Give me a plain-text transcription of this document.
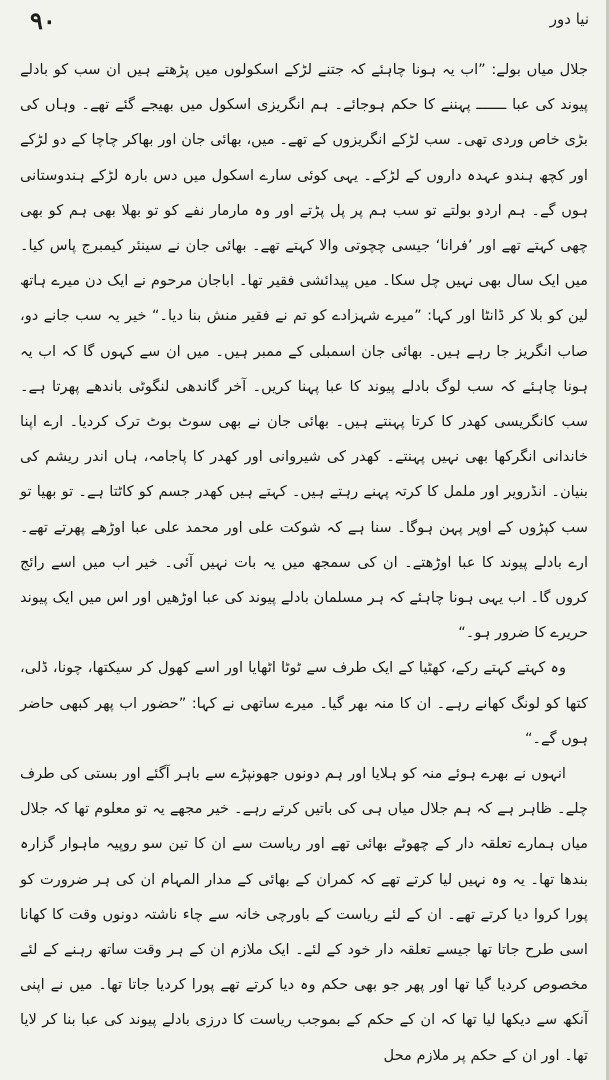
٩٠	نیا دور

جلال میاں بولے: ”اب یہ ہونا چاہئے کہ جتنے لڑکے اسکولوں میں پڑھتے ہیں ان سب کو بادلے پیوند کی عبا ـــــــ پہننے کا حکم ہوجائے۔ ہم انگریزی اسکول میں بھیجے گئے تھے۔ وہاں کی بڑی خاص وردی تھی۔ سب لڑکے انگریزوں کے تھے۔ میں، بھائی جان اور بھاکر چاچا کے دو لڑکے اور کچھ ہندو عہدہ داروں کے لڑکے۔ یہی کوئی سارے اسکول میں دس بارہ لڑکے ہندوستانی ہوں گے۔ ہم اردو بولتے تو سب ہم پر پل پڑتے اور وہ مارمار نفے کو تو بھلا بھی ہم کو بھی چھی کہتے تھے اور ’فرانا‘ جیسی چچوتی والا کہتے تھے۔ بھائی جان نے سینئر کیمبرج پاس کیا۔ میں ایک سال بھی نہیں چل سکا۔ میں پیدائشی فقیر تھا۔ اباجان مرحوم نے ایک دن میرے ہاتھ لین کو بلا کر ڈانٹا اور کہا: ”میرے شہزادے کو تم نے فقیر منش بنا دیا۔“ خیر یہ سب جانے دو، صاب انگریز جا رہے ہیں۔ بھائی جان اسمبلی کے ممبر ہیں۔ میں ان سے کہوں گا کہ اب یہ ہونا چاہئے کہ سب لوگ بادلے پیوند کا عبا پہنا کریں۔ آخر گاندھی لنگوٹی باندھے پھرتا ہے۔ سب کانگریسی کھدر کا کرتا پہنتے ہیں۔ بھائی جان نے بھی سوٹ بوٹ ترک کردیا۔ ارے اپنا خاندانی انگرکھا بھی نہیں پہنتے۔ کھدر کی شیروانی اور کھدر کا پاجامہ، ہاں اندر ریشم کی بنیان۔ انڈرویر اور ململ کا کرتہ پہنے رہتے ہیں۔ کہتے ہیں کھدر جسم کو کاٹتا ہے۔ تو بھیا تو سب کپڑوں کے اوپر پہن ہوگا۔ سنا ہے کہ شوکت علی اور محمد علی عبا اوڑھے پھرتے تھے۔ ارے بادلے پیوند کا عبا اوڑھتے۔ ان کی سمجھ میں یہ بات نہیں آئی۔ خیر اب میں اسے رائج کروں گا۔ اب یہی ہونا چاہئے کہ ہر مسلمان بادلے پیوند کی عبا اوڑھیں اور اس میں ایک پیوند حریرے کا ضرور ہو۔“

وہ کہتے کہتے رکے، کھٹیا کے ایک طرف سے ٹوٹا اٹھایا اور اسے کھول کر سیکتھا، چونا، ڈلی، کتھا کو لونگ کھانے رہے۔ ان کا منہ بھر گیا۔ میرے ساتھی نے کہا: ”حضور اب پھر کبھی حاضر ہوں گے۔“

انہوں نے بھرے ہوئے منہ کو ہلایا اور ہم دونوں جھونپڑے سے باہر آگئے اور بستی کی طرف چلے۔ ظاہر ہے کہ ہم جلال میاں ہی کی باتیں کرتے رہے۔ خیر مجھے یہ تو معلوم تھا کہ جلال میاں ہمارے تعلقہ دار کے چھوٹے بھائی تھے اور ریاست سے ان کا تین سو روپیہ ماہوار گزارہ بندھا تھا۔ یہ وہ نہیں لیا کرتے تھے کہ کمران کے بھائی کے مدار المہام ان کی ہر ضرورت کو پورا کروا دیا کرتے تھے۔ ان کے لئے ریاست کے باورچی خانہ سے چاء ناشتہ دونوں وقت کا کھانا اسی طرح جاتا تھا جیسے تعلقہ دار خود کے لئے۔ ایک ملازم ان کے ہر وقت ساتھ رہنے کے لئے مخصوص کردیا گیا تھا اور پھر جو بھی حکم وہ دیا کرتے تھے پورا کردیا جاتا تھا۔ میں نے اپنی آنکھ سے دیکھا لیا تھا کہ ان کے حکم کے بموجب ریاست کا درزی بادلے پیوند کی عبا بنا کر لایا تھا۔ اور ان کے حکم پر ملازم محل
